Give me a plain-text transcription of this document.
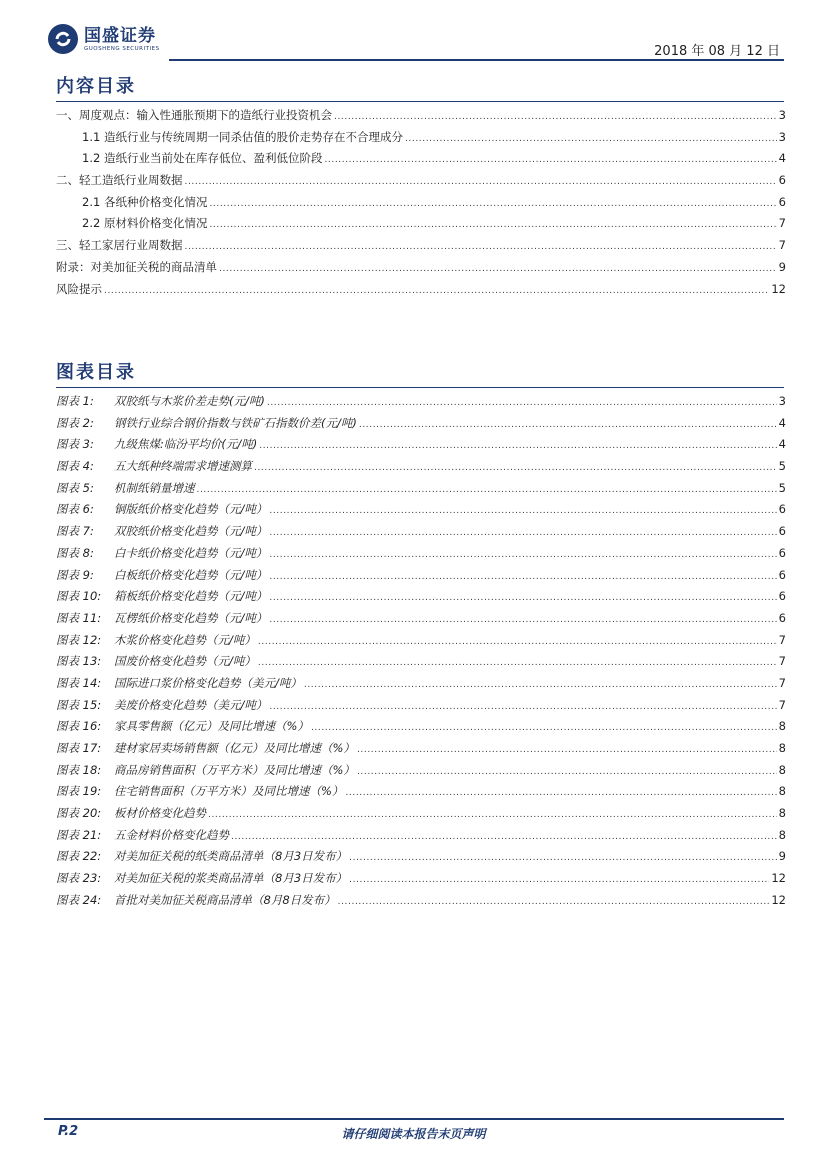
国盛证券
GUOSHENG SECURITIES	2018 年 08 月 12 日
内容目录
一、周度观点：输入性通胀预期下的造纸行业投资机会 .....	3
1.1 造纸行业与传统周期一同杀估值的股价走势存在不合理成分 .....	3
1.2 造纸行业当前处在库存低位、盈利低位阶段 .....	4
二、轻工造纸行业周数据 .....	6
2.1 各纸种价格变化情况 .....	6
2.2 原材料价格变化情况 .....	7
三、轻工家居行业周数据 .....	7
附录：对美加征关税的商品清单 .....	9
风险提示 .....	12
图表目录
图表 1: 双胶纸与木浆价差走势(元/吨) .....	3
图表 2: 钢铁行业综合钢价指数与铁矿石指数价差(元/吨) .....	4
图表 3: 九级焦煤:临汾平均价(元/吨) .....	4
图表 4: 五大纸种终端需求增速测算 .....	5
图表 5: 机制纸销量增速 .....	5
图表 6: 铜版纸价格变化趋势（元/吨） .....	6
图表 7: 双胶纸价格变化趋势（元/吨） .....	6
图表 8: 白卡纸价格变化趋势（元/吨） .....	6
图表 9: 白板纸价格变化趋势（元/吨） .....	6
图表 10: 箱板纸价格变化趋势（元/吨） .....	6
图表 11: 瓦楞纸价格变化趋势（元/吨） .....	6
图表 12: 木浆价格变化趋势（元/吨） .....	7
图表 13: 国废价格变化趋势（元/吨） .....	7
图表 14: 国际进口浆价格变化趋势（美元/吨） .....	7
图表 15: 美废价格变化趋势（美元/吨） .....	7
图表 16: 家具零售额（亿元）及同比增速（%） .....	8
图表 17: 建材家居卖场销售额（亿元）及同比增速（%） .....	8
图表 18: 商品房销售面积（万平方米）及同比增速（%） .....	8
图表 19: 住宅销售面积（万平方米）及同比增速（%） .....	8
图表 20: 板材价格变化趋势 .....	8
图表 21: 五金材料价格变化趋势 .....	8
图表 22: 对美加征关税的纸类商品清单（8月3日发布） .....	9
图表 23: 对美加征关税的浆类商品清单（8月3日发布） .....	12
图表 24: 首批对美加征关税商品清单（8月8日发布） .....	12
P.2	请仔细阅读本报告末页声明
